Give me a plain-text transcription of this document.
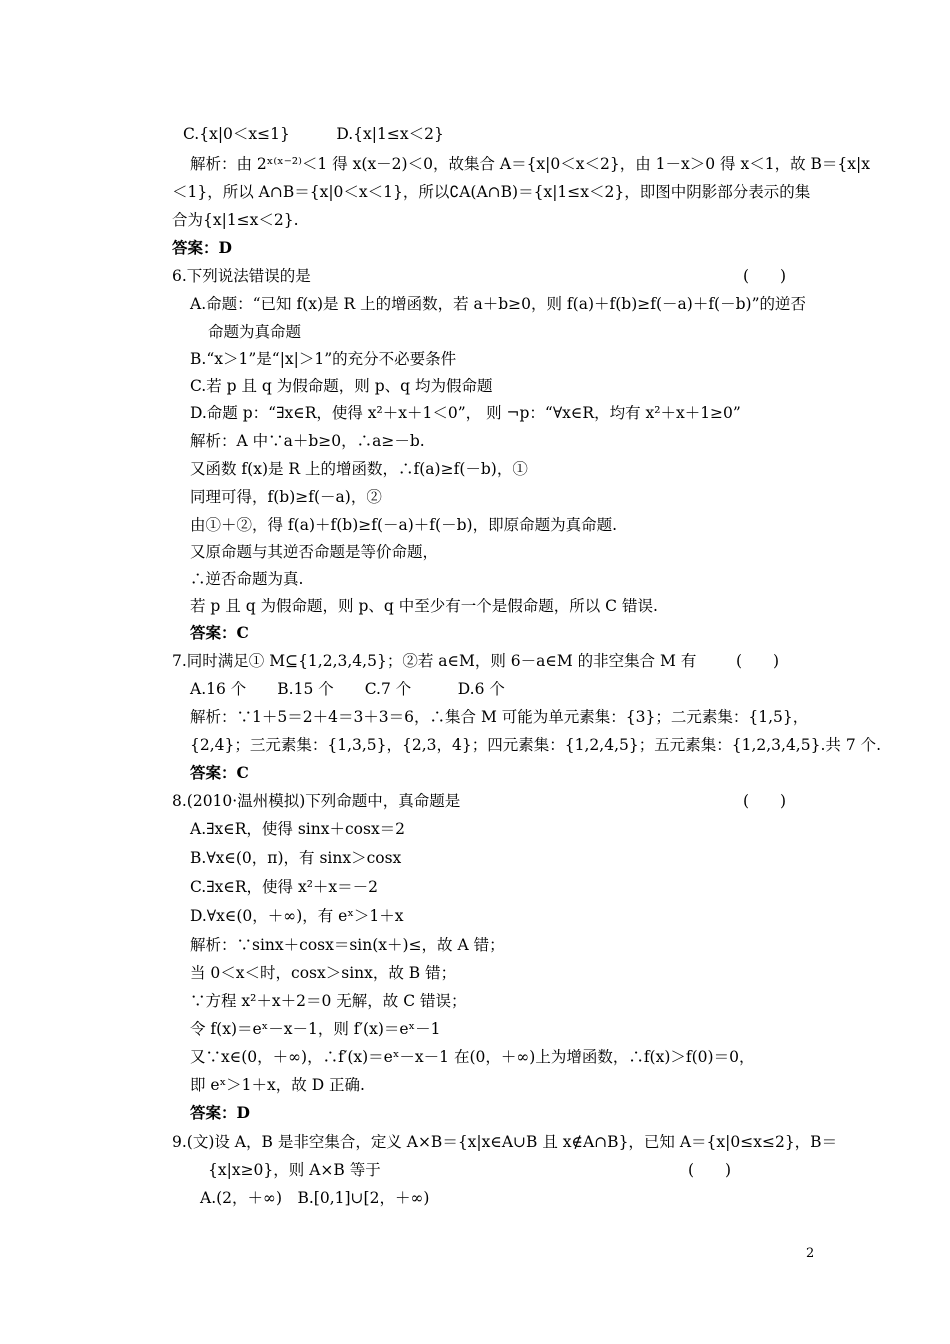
C.{x|0＜x≤1}　　　D.{x|1≤x＜2}
解析：由 2ˣ⁽ˣ⁻²⁾＜1 得 x(x－2)＜0，故集合 A＝{x|0＜x＜2}，由 1－x＞0 得 x＜1，故 B＝{x|x
＜1}，所以 A∩B＝{x|0＜x＜1}，所以∁A(A∩B)＝{x|1≤x＜2}，即图中阴影部分表示的集
合为{x|1≤x＜2}.
答案：D
6.下列说法错误的是	(　　)
A.命题：“已知 f(x)是 R 上的增函数，若 a＋b≥0，则 f(a)＋f(b)≥f(－a)＋f(－b)”的逆否
命题为真命题
B.“x＞1”是“|x|＞1”的充分不必要条件
C.若 p 且 q 为假命题，则 p、q 均为假命题
D.命题 p：“∃x∈R，使得 x²＋x＋1＜0”， 则 ¬p：“∀x∈R，均有 x²＋x＋1≥0”
解析：A 中∵a＋b≥0，∴a≥－b.
又函数 f(x)是 R 上的增函数，∴f(a)≥f(－b)，①
同理可得，f(b)≥f(－a)，②
由①＋②，得 f(a)＋f(b)≥f(－a)＋f(－b)，即原命题为真命题.
又原命题与其逆否命题是等价命题，
∴逆否命题为真.
若 p 且 q 为假命题，则 p、q 中至少有一个是假命题，所以 C 错误.
答案：C
7.同时满足① M⊆{1,2,3,4,5}；②若 a∈M，则 6－a∈M 的非空集合 M 有	(　　)
A.16 个　　B.15 个　　C.7 个　　　D.6 个
解析：∵1＋5＝2＋4＝3＋3＝6，∴集合 M 可能为单元素集：{3}；二元素集：{1,5}，
{2,4}；三元素集：{1,3,5}，{2,3，4}；四元素集：{1,2,4,5}；五元素集：{1,2,3,4,5}.共 7 个.
答案：C
8.(2010·温州模拟)下列命题中，真命题是	(　　)
A.∃x∈R，使得 sinx＋cosx＝2
B.∀x∈(0，π)，有 sinx＞cosx
C.∃x∈R，使得 x²＋x＝－2
D.∀x∈(0，＋∞)，有 eˣ＞1＋x
解析：∵sinx＋cosx＝sin(x＋)≤，故 A 错；
当 0＜x＜时，cosx＞sinx，故 B 错；
∵方程 x²＋x＋2＝0 无解，故 C 错误；
令 f(x)＝eˣ－x－1，则 f′(x)＝eˣ－1
又∵x∈(0，＋∞)，∴f′(x)＝eˣ－x－1 在(0，＋∞)上为增函数，∴f(x)＞f(0)＝0，
即 eˣ＞1＋x，故 D 正确.
答案：D
9.(文)设 A，B 是非空集合，定义 A×B＝{x|x∈A∪B 且 x∉A∩B}，已知 A＝{x|0≤x≤2}，B＝
{x|x≥0}，则 A×B 等于	(　　)
A.(2，＋∞)　B.[0,1]∪[2，＋∞)
2
